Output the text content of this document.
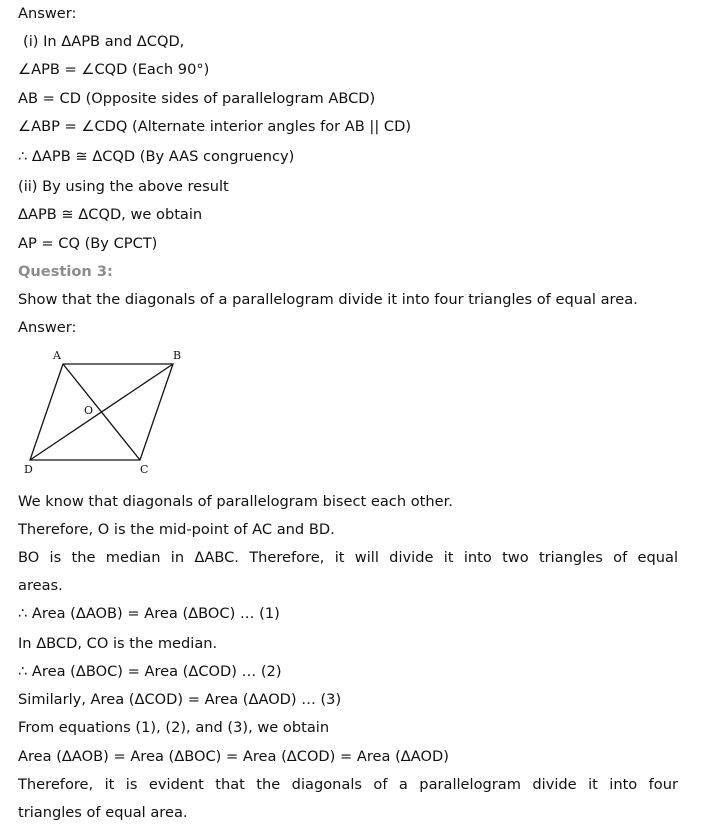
Answer:
(i) In ΔAPB and ΔCQD,
∠APB = ∠CQD (Each 90°)
AB = CD (Opposite sides of parallelogram ABCD)
∠ABP = ∠CDQ (Alternate interior angles for AB || CD)
∴ ΔAPB ≅ ΔCQD (By AAS congruency)
(ii) By using the above result
ΔAPB ≅ ΔCQD, we obtain
AP = CQ (By CPCT)
Question 3:
Show that the diagonals of a parallelogram divide it into four triangles of equal area.
Answer:
A	B
C
D
O
We know that diagonals of parallelogram bisect each other.
Therefore, O is the mid-point of AC and BD.
BO is the median in ΔABC. Therefore, it will divide it into two triangles of equal
areas.
∴ Area (ΔAOB) = Area (ΔBOC) … (1)
In ΔBCD, CO is the median.
∴ Area (ΔBOC) = Area (ΔCOD) … (2)
Similarly, Area (ΔCOD) = Area (ΔAOD) … (3)
From equations (1), (2), and (3), we obtain
Area (ΔAOB) = Area (ΔBOC) = Area (ΔCOD) = Area (ΔAOD)
Therefore, it is evident that the diagonals of a parallelogram divide it into four
triangles of equal area.
